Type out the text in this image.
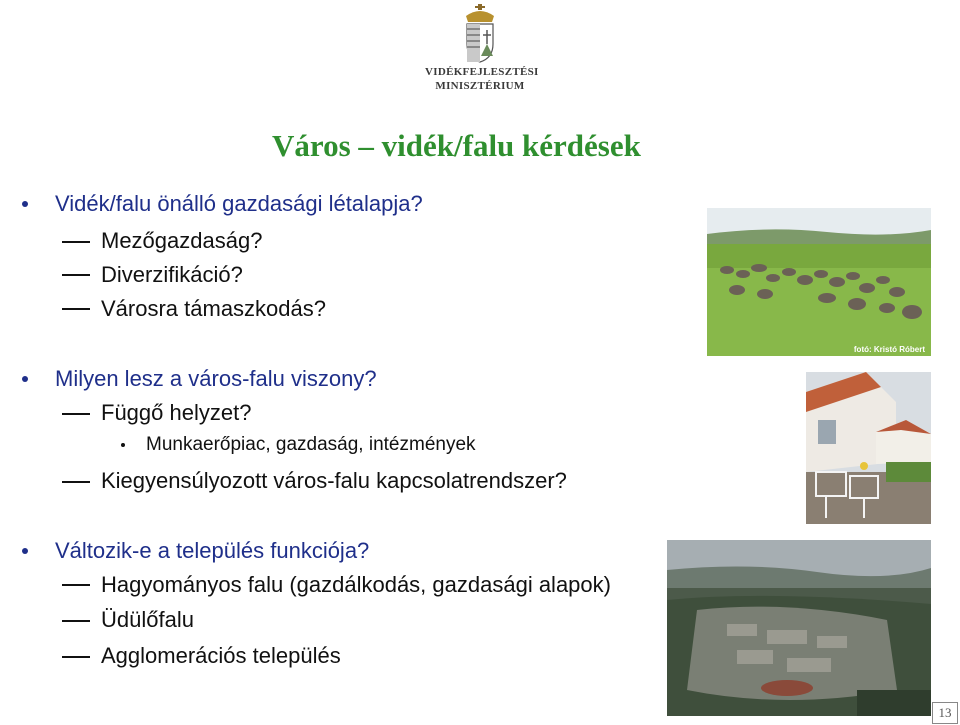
VIDÉKFEJLESZTÉSI
MINISZTÉRIUM
Város – vidék/falu kérdések
Vidék/falu önálló gazdasági létalapja?
Mezőgazdaság?
Diverzifikáció?
Városra támaszkodás?
Milyen lesz a város-falu viszony?
Függő helyzet?
Munkaerőpiac, gazdaság, intézmények
Kiegyensúlyozott város-falu kapcsolatrendszer?
Változik-e a település funkciója?
Hagyományos falu (gazdálkodás, gazdasági alapok)
Üdülőfalu
Agglomerációs település
fotó: Kristó Róbert
13
